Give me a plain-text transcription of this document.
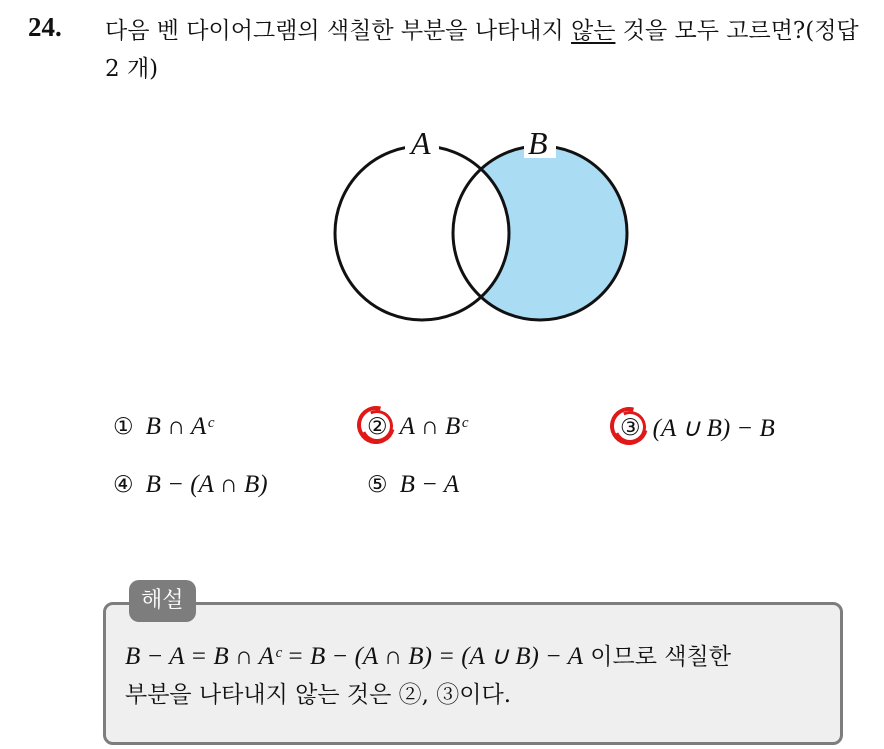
24. 다음 벤 다이어그램의 색칠한 부분을 나타내지 않는 것을 모두 고르면?(정답 2 개)
A	B
① B ∩ Aᶜ	② A ∩ Bᶜ	③ (A ∪ B) − B
④ B − (A ∩ B)	⑤ B − A
해설
B − A = B ∩ Aᶜ = B − (A ∩ B) = (A ∪ B) − A 이므로 색칠한
부분을 나타내지 않는 것은 ②, ③이다.
